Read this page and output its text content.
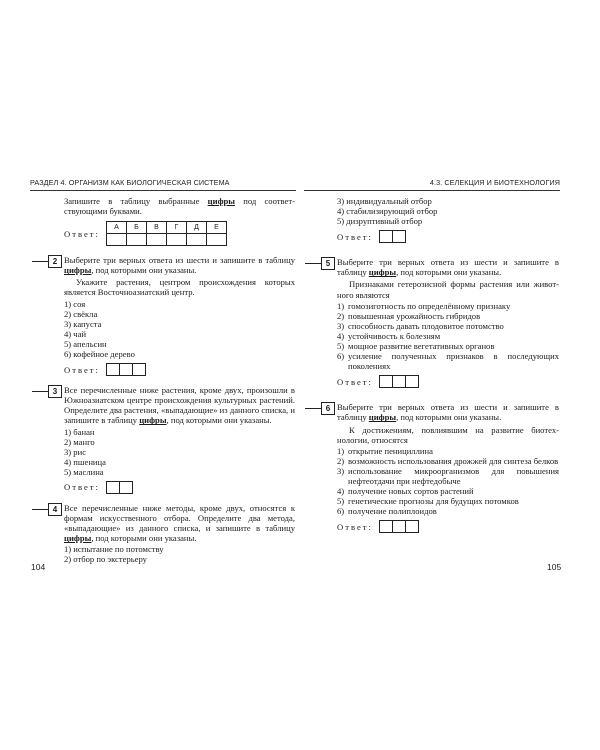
РАЗДЕЛ 4. ОРГАНИЗМ КАК БИОЛОГИЧЕСКАЯ СИСТЕМА
Запишите в таблицу выбранные цифры под соответствующими буквами.
Ответ:
А	Б	В	Г	Д	Е

2 Выберите три верных ответа из шести и запишите в таблицу цифры, под которыми они указаны.
Укажите растения, центром происхождения которых является Восточноазиатский центр.
1) соя
2) свёкла
3) капуста
4) чай
5) апельсин
6) кофейное дерево
Ответ:
3 Все перечисленные ниже растения, кроме двух, произошли в Южноазиатском центре происхождения культурных растений. Определите два растения, «выпадающие» из данного списка, и запишите в таблицу цифры, под которыми они указаны.
1) банан
2) манго
3) рис
4) пшеница
5) маслина
Ответ:
4 Все перечисленные ниже методы, кроме двух, относятся к формам искусственного отбора. Определите два метода, «выпадающие» из данного списка, и запишите в таблицу цифры, под которыми они указаны.
1) испытание по потомству
2) отбор по экстерьеру
104
4.3. СЕЛЕКЦИЯ И БИОТЕХНОЛОГИЯ
3) индивидуальный отбор
4) стабилизирующий отбор
5) дизруптивный отбор
Ответ:
5 Выберите три верных ответа из шести и запишите в таблицу цифры, под которыми они указаны.
Признаками гетерозисной формы растения или животного являются
1) гомозиготность по определённому признаку
2) повышенная урожайность гибридов
3) способность давать плодовитое потомство
4) устойчивость к болезням
5) мощное развитие вегетативных органов
6) усиление полученных признаков в последующих поколениях
Ответ:
6 Выберите три верных ответа из шести и запишите в таблицу цифры, под которыми они указаны.
К достижениям, повлиявшим на развитие биотехнологии, относятся
1) открытие пенициллина
2) возможность использования дрожжей для синтеза белков
3) использование микроорганизмов для повышения нефтеотдачи при нефтедобыче
4) получение новых сортов растений
5) генетические прогнозы для будущих потомков
6) получение полиплоидов
Ответ:
105
